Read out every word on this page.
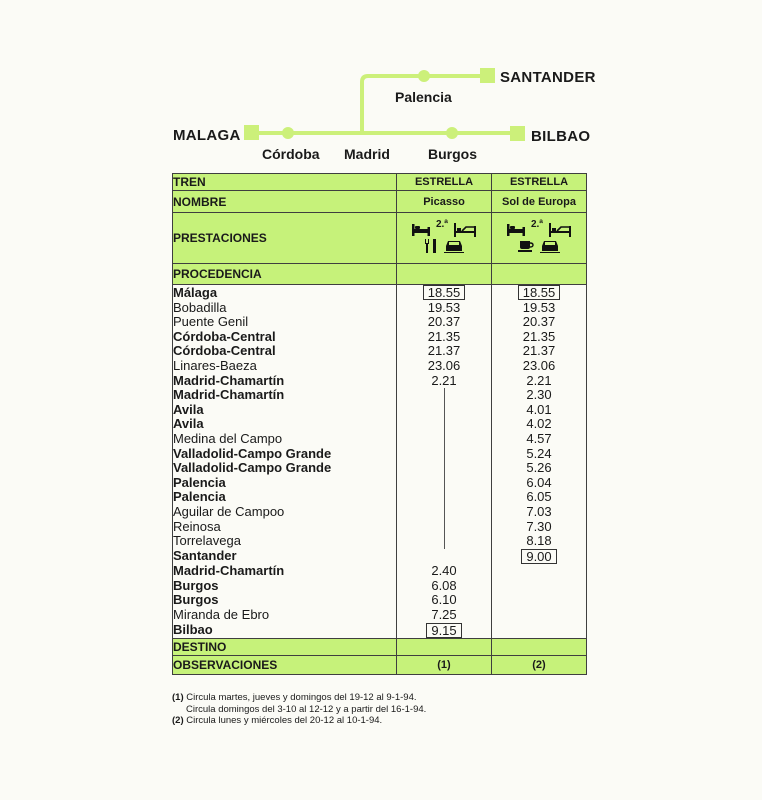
SANTANDER
Palencia
MALAGA
Córdoba Madrid	Burgos
BILBAO
TREN	ESTRELLA	ESTRELLA
NOMBRE	Picasso	Sol de Europa
PRESTACIONES	2.ª	2.ª

PROCEDENCIA		
Málaga	18.55	18.55
Bobadilla	19.53	19.53
Puente Genil	20.37	20.37
Córdoba-Central	21.35	21.35
Córdoba-Central	21.37	21.37
Linares-Baeza	23.06	23.06
Madrid-Chamartín	2.21	2.21
Madrid-Chamartín		2.30
Avila		4.01
Avila		4.02
Medina del Campo		4.57
Valladolid-Campo Grande		5.24
Valladolid-Campo Grande		5.26
Palencia		6.04
Palencia		6.05
Aguilar de Campoo		7.03
Reinosa		7.30
Torrelavega		8.18
Santander		9.00
Madrid-Chamartín	2.40	
Burgos	6.08	
Burgos	6.10	
Miranda de Ebro	7.25	
Bilbao	9.15	
DESTINO		
OBSERVACIONES	(1)	(2)
(1) Circula martes, jueves y domingos del 19-12 al 9-1-94.
Circula domingos del 3-10 al 12-12 y a partir del 16-1-94.
(2) Circula lunes y miércoles del 20-12 al 10-1-94.
